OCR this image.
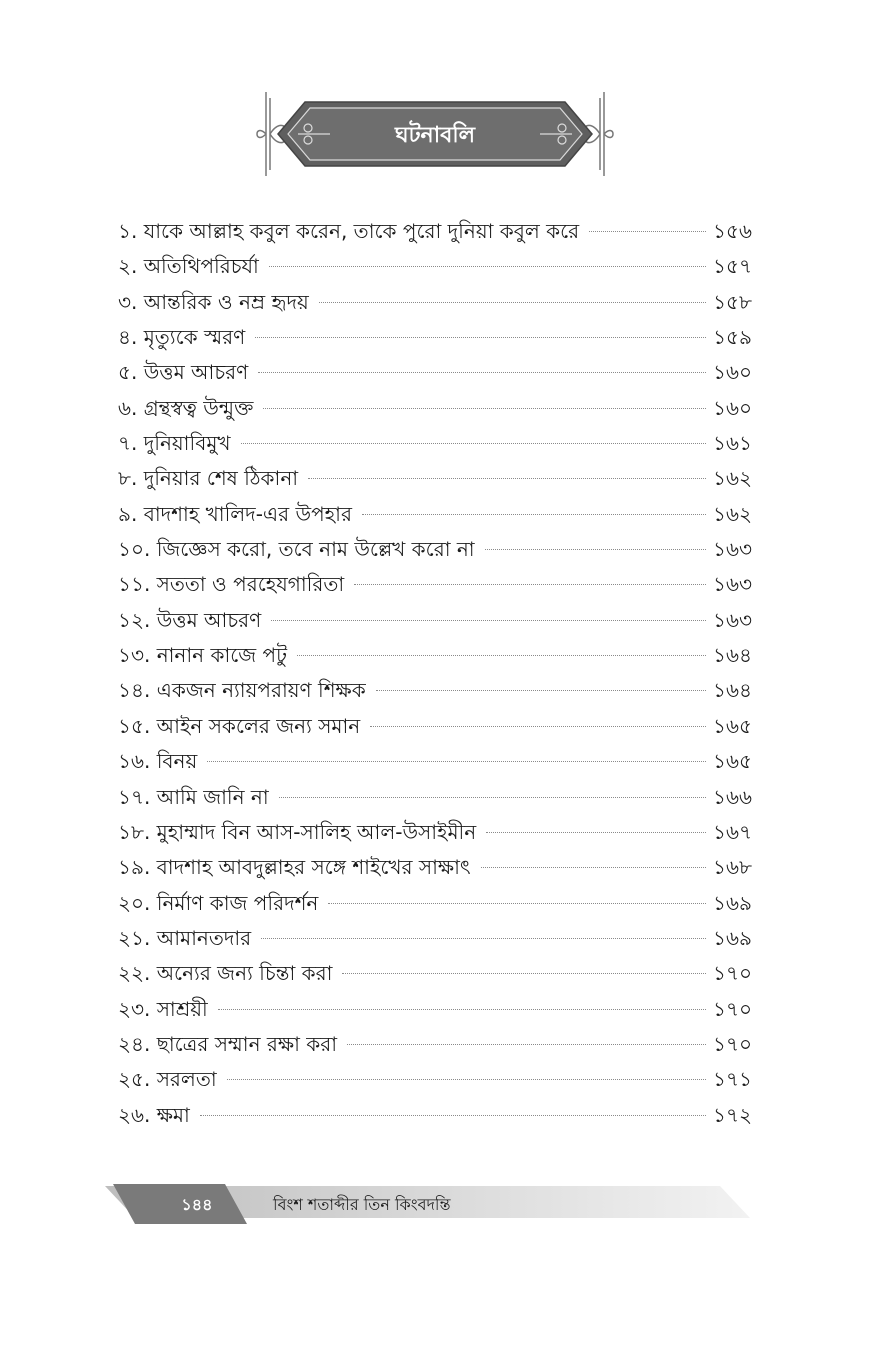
ঘটনাবলি
১. যাকে আল্লাহ কবুল করেন, তাকে পুরো দুনিয়া কবুল করে	১৫৬
২. অতিথিপরিচর্যা	১৫৭
৩. আন্তরিক ও নম্র হৃদয়	১৫৮
৪. মৃত্যুকে স্মরণ	১৫৯
৫. উত্তম আচরণ	১৬০
৬. গ্রন্থস্বত্ব উন্মুক্ত	১৬০
৭. দুনিয়াবিমুখ	১৬১
৮. দুনিয়ার শেষ ঠিকানা	১৬২
৯. বাদশাহ খালিদ-এর উপহার	১৬২
১০. জিজ্ঞেস করো, তবে নাম উল্লেখ করো না	১৬৩
১১. সততা ও পরহেযগারিতা	১৬৩
১২. উত্তম আচরণ	১৬৩
১৩. নানান কাজে পটু	১৬৪
১৪. একজন ন্যায়পরায়ণ শিক্ষক	১৬৪
১৫. আইন সকলের জন্য সমান	১৬৫
১৬. বিনয়	১৬৫
১৭. আমি জানি না	১৬৬
১৮. মুহাম্মাদ বিন আস-সালিহ আল-উসাইমীন	১৬৭
১৯. বাদশাহ আবদুল্লাহর সঙ্গে শাইখের সাক্ষাৎ	১৬৮
২০. নির্মাণ কাজ পরিদর্শন	১৬৯
২১. আমানতদার	১৬৯
২২. অন্যের জন্য চিন্তা করা	১৭০
২৩. সাশ্রয়ী	১৭০
২৪. ছাত্রের সম্মান রক্ষা করা	১৭০
২৫. সরলতা	১৭১
২৬. ক্ষমা	১৭২
১৪৪	বিংশ শতাব্দীর তিন কিংবদন্তি
